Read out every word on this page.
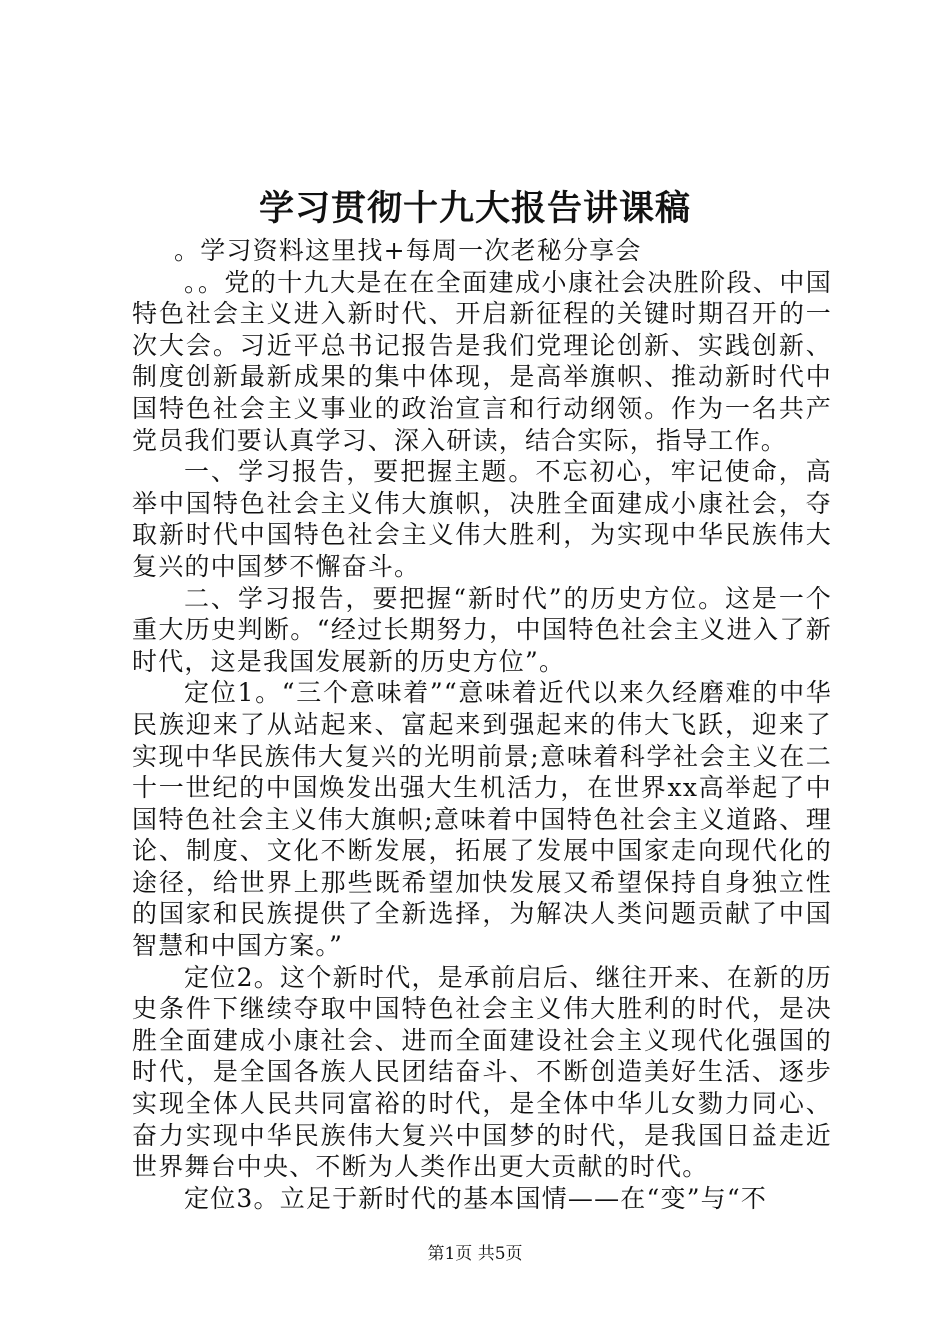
学习贯彻十九大报告讲课稿

。学习资料这里找+每周一次老秘分享会

。。党的十九大是在在全面建成小康社会决胜阶段、中国特色社会主义进入新时代、开启新征程的关键时期召开的一次大会。习近平总书记报告是我们党理论创新、实践创新、制度创新最新成果的集中体现，是高举旗帜、推动新时代中国特色社会主义事业的政治宣言和行动纲领。作为一名共产党员我们要认真学习、深入研读，结合实际，指导工作。

一、学习报告，要把握主题。不忘初心，牢记使命，高举中国特色社会主义伟大旗帜，决胜全面建成小康社会，夺取新时代中国特色社会主义伟大胜利，为实现中华民族伟大复兴的中国梦不懈奋斗。

二、学习报告，要把握“新时代”的历史方位。这是一个重大历史判断。“经过长期努力，中国特色社会主义进入了新时代，这是我国发展新的历史方位”。

定位1。“三个意味着”“意味着近代以来久经磨难的中华民族迎来了从站起来、富起来到强起来的伟大飞跃，迎来了实现中华民族伟大复兴的光明前景;意味着科学社会主义在二十一世纪的中国焕发出强大生机活力，在世界xx高举起了中国特色社会主义伟大旗帜;意味着中国特色社会主义道路、理论、制度、文化不断发展，拓展了发展中国家走向现代化的途径，给世界上那些既希望加快发展又希望保持自身独立性的国家和民族提供了全新选择，为解决人类问题贡献了中国智慧和中国方案。”

定位2。这个新时代，是承前启后、继往开来、在新的历史条件下继续夺取中国特色社会主义伟大胜利的时代，是决胜全面建成小康社会、进而全面建设社会主义现代化强国的时代，是全国各族人民团结奋斗、不断创造美好生活、逐步实现全体人民共同富裕的时代，是全体中华儿女勠力同心、奋力实现中华民族伟大复兴中国梦的时代，是我国日益走近世界舞台中央、不断为人类作出更大贡献的时代。

定位3。立足于新时代的基本国情——在“变”与“不

第1页 共5页
